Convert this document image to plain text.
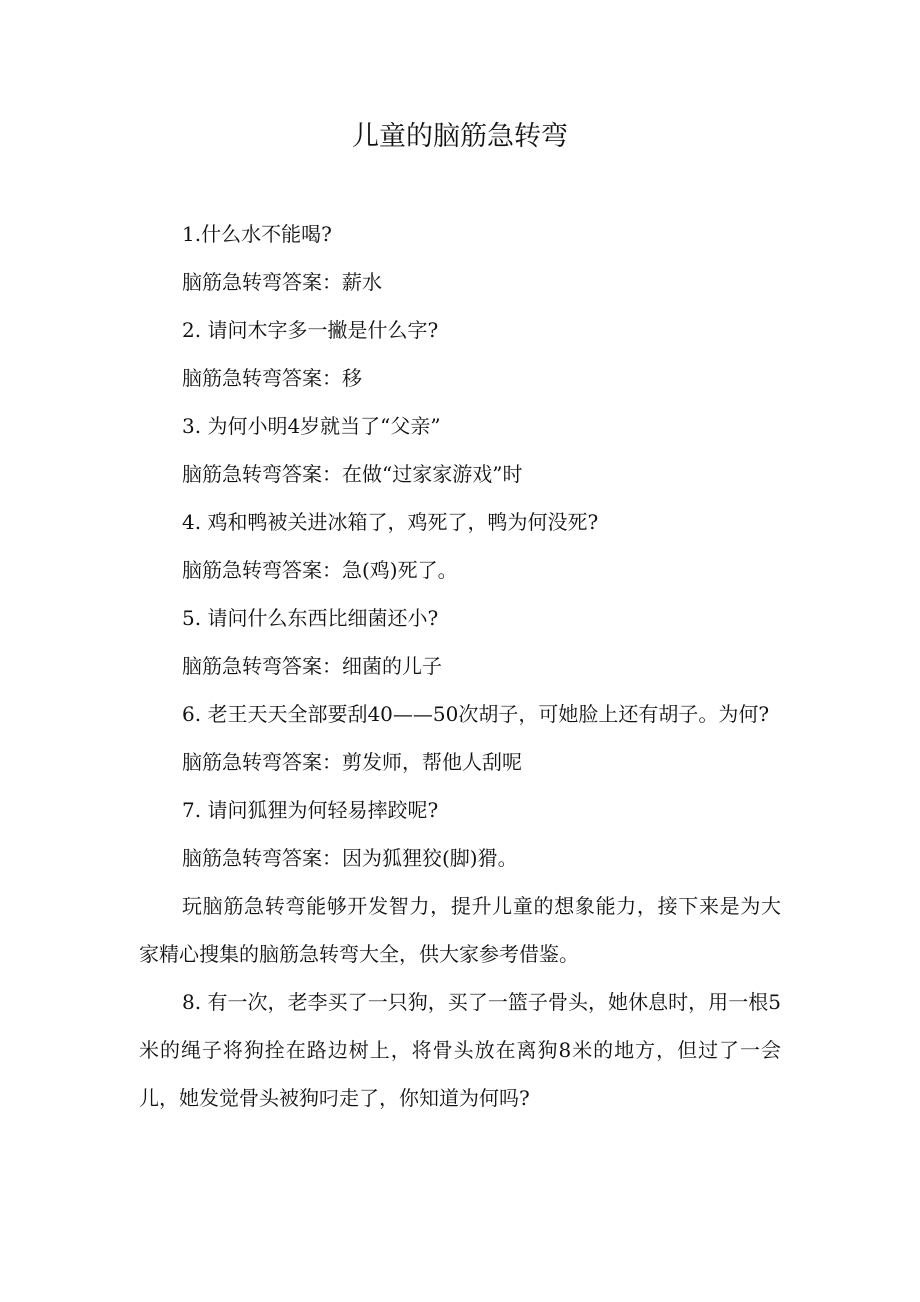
儿童的脑筋急转弯

1.什么水不能喝?

脑筋急转弯答案：薪水

2. 请问木字多一撇是什么字?

脑筋急转弯答案：移

3. 为何小明4岁就当了“父亲”

脑筋急转弯答案：在做“过家家游戏”时

4. 鸡和鸭被关进冰箱了，鸡死了，鸭为何没死?

脑筋急转弯答案：急(鸡)死了。

5. 请问什么东西比细菌还小?

脑筋急转弯答案：细菌的儿子

6. 老王天天全部要刮40——50次胡子，可她脸上还有胡子。为何?

脑筋急转弯答案：剪发师，帮他人刮呢

7. 请问狐狸为何轻易摔跤呢?

脑筋急转弯答案：因为狐狸狡(脚)猾。

玩脑筋急转弯能够开发智力，提升儿童的想象能力，接下来是为大家精心搜集的脑筋急转弯大全，供大家参考借鉴。

8. 有一次，老李买了一只狗，买了一篮子骨头，她休息时，用一根5米的绳子将狗拴在路边树上，将骨头放在离狗8米的地方，但过了一会儿，她发觉骨头被狗叼走了，你知道为何吗?
